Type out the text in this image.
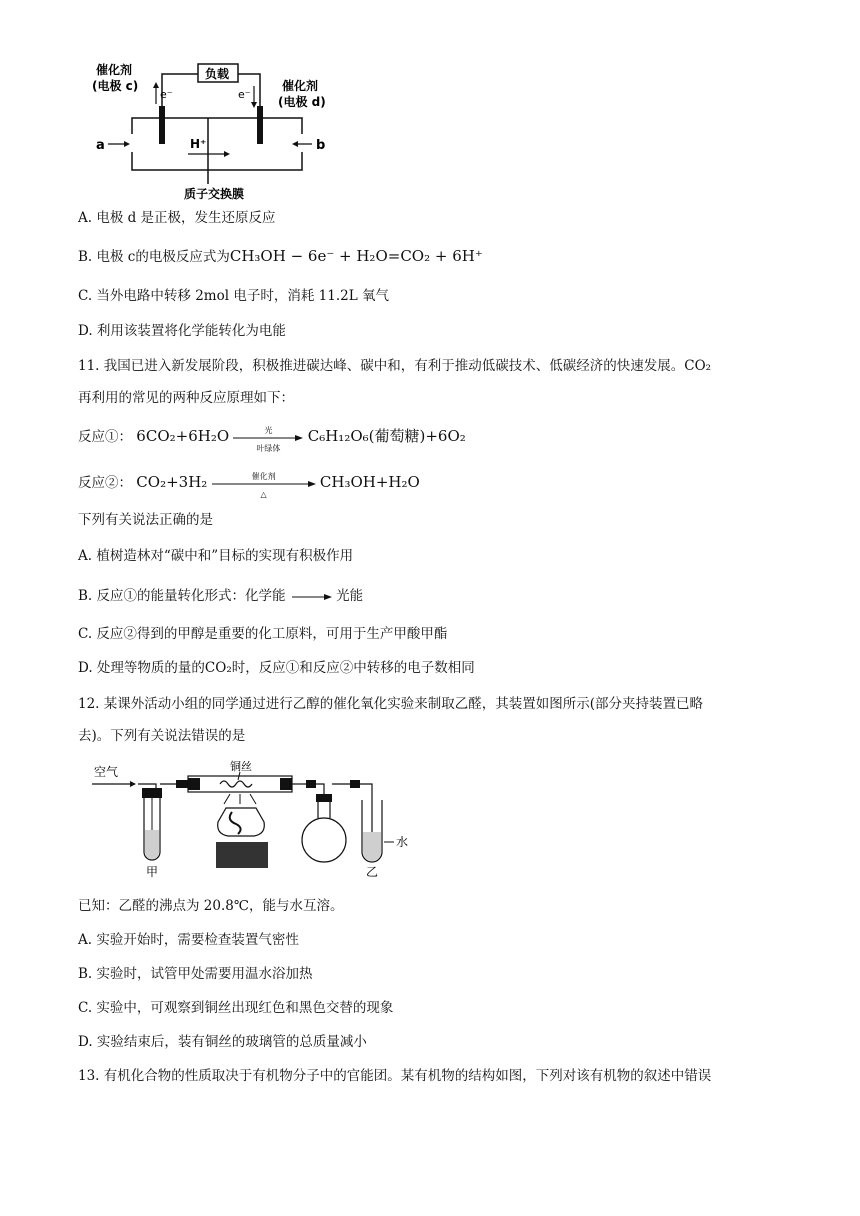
催化剂
(电极 c)	催化剂
(电极 d)
负载
e⁻	e⁻
H⁺
a	b
质子交换膜
A. 电极 d 是正极，发生还原反应
B. 电极 c的电极反应式为CH₃OH − 6e⁻ + H₂O=CO₂ + 6H⁺
C. 当外电路中转移 2mol 电子时，消耗 11.2L 氧气
D. 利用该装置将化学能转化为电能
11. 我国已进入新发展阶段，积极推进碳达峰、碳中和，有利于推动低碳技术、低碳经济的快速发展。CO₂
再利用的常见的两种反应原理如下：
反应①： 6CO₂+6H₂O	光
叶绿体
C₆H₁₂O₆(葡萄糖)+6O₂
反应②： CO₂+3H₂	催化剂
△
CH₃OH+H₂O
下列有关说法正确的是
A. 植树造林对“碳中和”目标的实现有积极作用
B. 反应①的能量转化形式：化学能	光能
C. 反应②得到的甲醇是重要的化工原料，可用于生产甲酸甲酯
D. 处理等物质的量的CO₂时，反应①和反应②中转移的电子数相同
12. 某课外活动小组的同学通过进行乙醇的催化氧化实验来制取乙醛，其装置如图所示(部分夹持装置已略
去)。下列有关说法错误的是
空气
甲
铜丝
水
乙
已知：乙醛的沸点为 20.8℃，能与水互溶。
A. 实验开始时，需要检查装置气密性
B. 实验时，试管甲处需要用温水浴加热
C. 实验中，可观察到铜丝出现红色和黑色交替的现象
D. 实验结束后，装有铜丝的玻璃管的总质量减小
13. 有机化合物的性质取决于有机物分子中的官能团。某有机物的结构如图，下列对该有机物的叙述中错误
